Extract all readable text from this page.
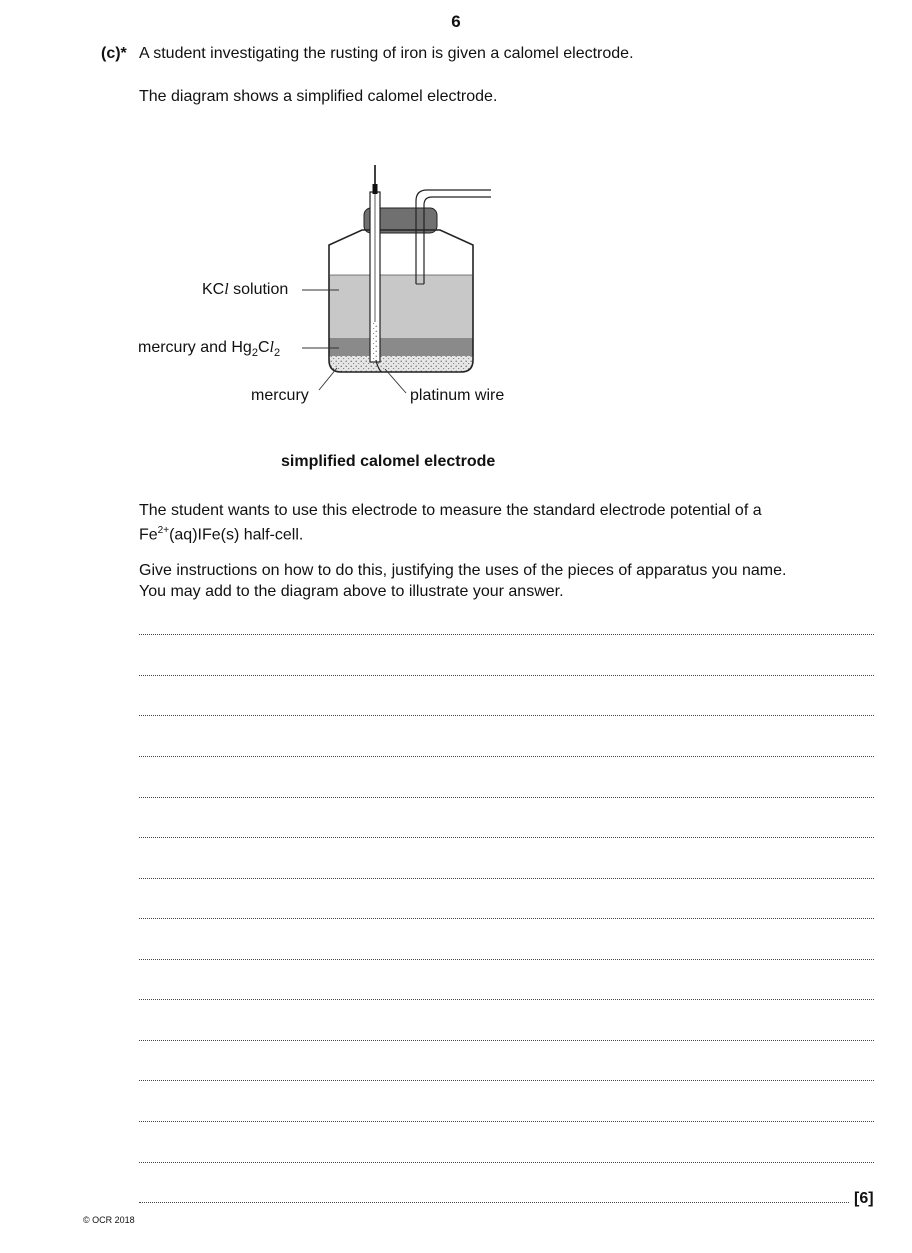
6
(c)* A student investigating the rusting of iron is given a calomel electrode.
The diagram shows a simplified calomel electrode.
KCl solution
mercury and $Hg_2Cl_2$
mercury	platinum wire
simplified calomel electrode
The student wants to use this electrode to measure the standard electrode potential of a
$Fe^{2+}(aq)IFe(s)$ half-cell.
Give instructions on how to do this, justifying the uses of the pieces of apparatus you name.
You may add to the diagram above to illustrate your answer.
[6]
© OCR 2018
